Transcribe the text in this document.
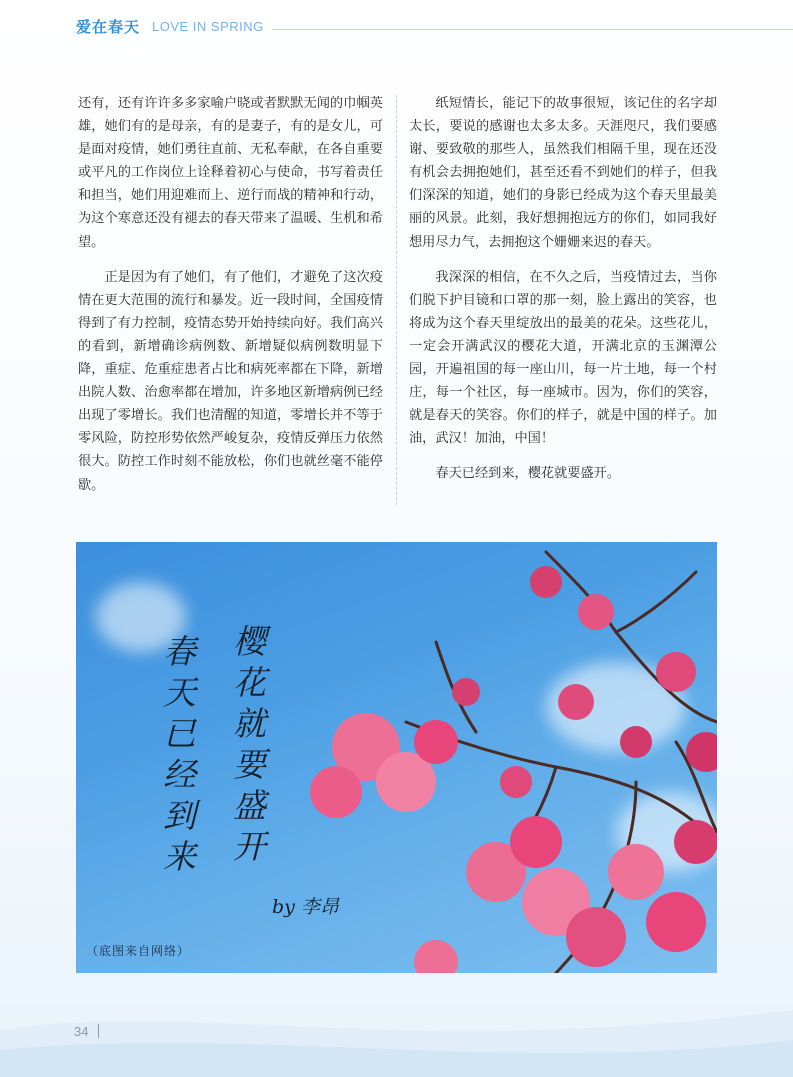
爱在春天 LOVE IN SPRING

还有，还有许许多多家喻户晓或者默默无闻的巾帼英雄，她们有的是母亲，有的是妻子，有的是女儿，可是面对疫情，她们勇往直前、无私奉献，在各自重要或平凡的工作岗位上诠释着初心与使命，书写着责任和担当，她们用迎难而上、逆行而战的精神和行动，为这个寒意还没有褪去的春天带来了温暖、生机和希望。

正是因为有了她们，有了他们，才避免了这次疫情在更大范围的流行和暴发。近一段时间，全国疫情得到了有力控制，疫情态势开始持续向好。我们高兴的看到，新增确诊病例数、新增疑似病例数明显下降，重症、危重症患者占比和病死率都在下降，新增出院人数、治愈率都在增加，许多地区新增病例已经出现了零增长。我们也清醒的知道，零增长并不等于零风险，防控形势依然严峻复杂，疫情反弹压力依然很大。防控工作时刻不能放松，你们也就丝毫不能停歇。

纸短情长，能记下的故事很短，该记住的名字却太长，要说的感谢也太多太多。天涯咫尺，我们要感谢、要致敬的那些人，虽然我们相隔千里，现在还没有机会去拥抱她们，甚至还看不到她们的样子，但我们深深的知道，她们的身影已经成为这个春天里最美丽的风景。此刻，我好想拥抱远方的你们，如同我好想用尽力气，去拥抱这个姗姗来迟的春天。

我深深的相信，在不久之后，当疫情过去，当你们脱下护目镜和口罩的那一刻，脸上露出的笑容，也将成为这个春天里绽放出的最美的花朵。这些花儿，一定会开满武汉的樱花大道，开满北京的玉渊潭公园，开遍祖国的每一座山川，每一片土地，每一个村庄，每一个社区，每一座城市。因为，你们的笑容，就是春天的笑容。你们的样子，就是中国的样子。加油，武汉！加油，中国！

春天已经到来，樱花就要盛开。

春天已经到来 樱花就要盛开
by 李昂
（底图来自网络）
34
